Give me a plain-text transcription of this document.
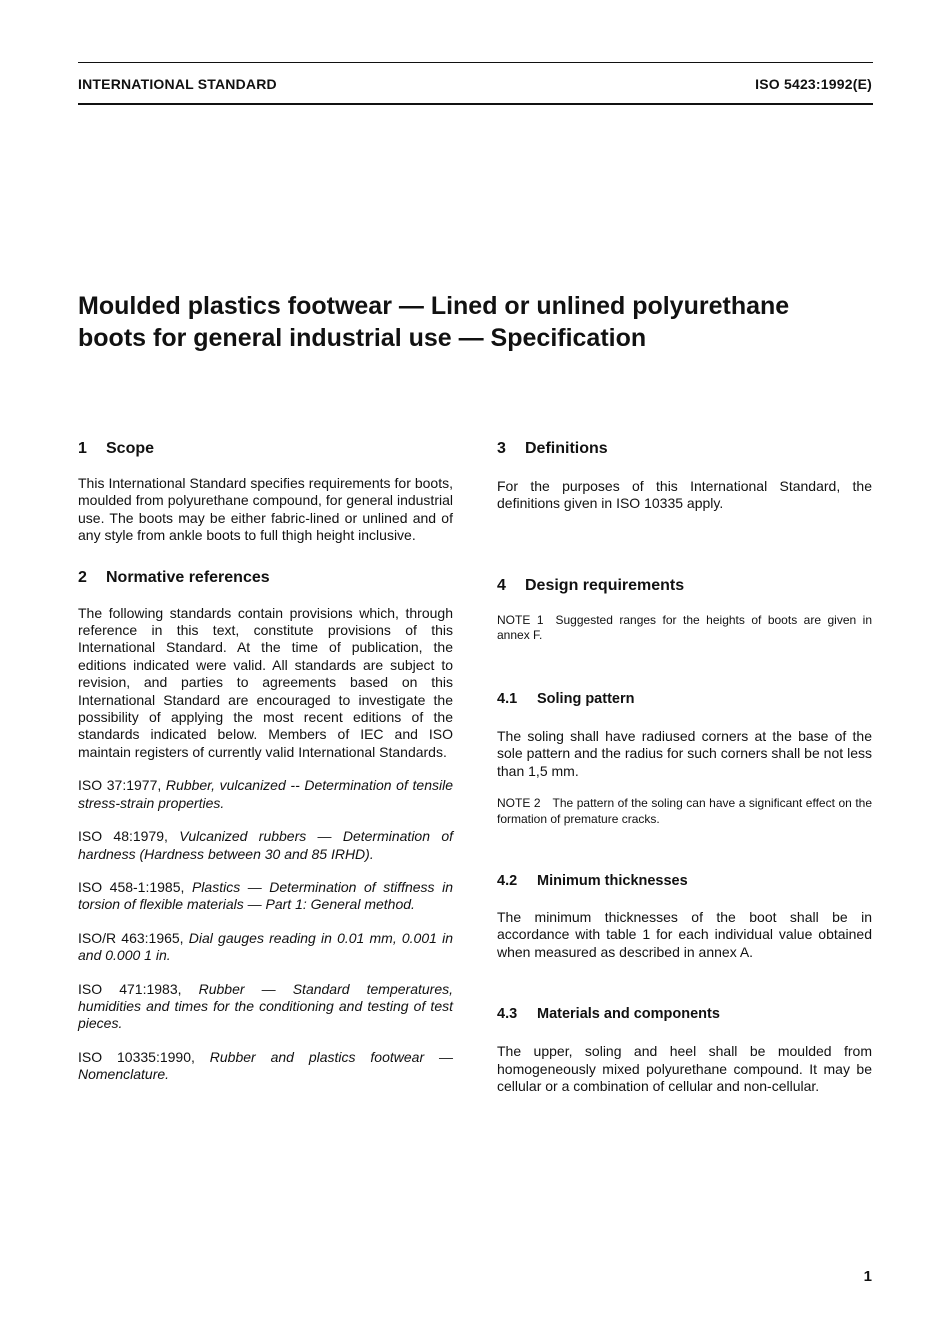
INTERNATIONAL STANDARD	ISO 5423:1992(E)
Moulded plastics footwear — Lined or unlined polyurethane
boots for general industrial use — Specification
1 Scope

This International Standard specifies requirements for boots, moulded from polyurethane compound, for general industrial use. The boots may be either fabric-lined or unlined and of any style from ankle boots to full thigh height inclusive.

2 Normative references

The following standards contain provisions which, through reference in this text, constitute provisions of this International Standard. At the time of publication, the editions indicated were valid. All standards are subject to revision, and parties to agreements based on this International Standard are encouraged to investigate the possibility of applying the most recent editions of the standards indicated below. Members of IEC and ISO maintain registers of currently valid International Standards.

ISO 37:1977, Rubber, vulcanized -- Determination of tensile stress-strain properties.

ISO 48:1979, Vulcanized rubbers — Determination of hardness (Hardness between 30 and 85 IRHD).

ISO 458-1:1985, Plastics — Determination of stiffness in torsion of flexible materials — Part 1: General method.

ISO/R 463:1965, Dial gauges reading in 0.01 mm, 0.001 in and 0.000 1 in.

ISO 471:1983, Rubber — Standard temperatures, humidities and times for the conditioning and testing of test pieces.

ISO 10335:1990, Rubber and plastics footwear — Nomenclature.

3 Definitions

For the purposes of this International Standard, the definitions given in ISO 10335 apply.

4 Design requirements

NOTE 1 Suggested ranges for the heights of boots are given in annex F.

4.1 Soling pattern

The soling shall have radiused corners at the base of the sole pattern and the radius for such corners shall be not less than 1,5 mm.

NOTE 2 The pattern of the soling can have a significant effect on the formation of premature cracks.

4.2 Minimum thicknesses

The minimum thicknesses of the boot shall be in accordance with table 1 for each individual value obtained when measured as described in annex A.

4.3 Materials and components

The upper, soling and heel shall be moulded from homogeneously mixed polyurethane compound. It may be cellular or a combination of cellular and non-cellular.

1
